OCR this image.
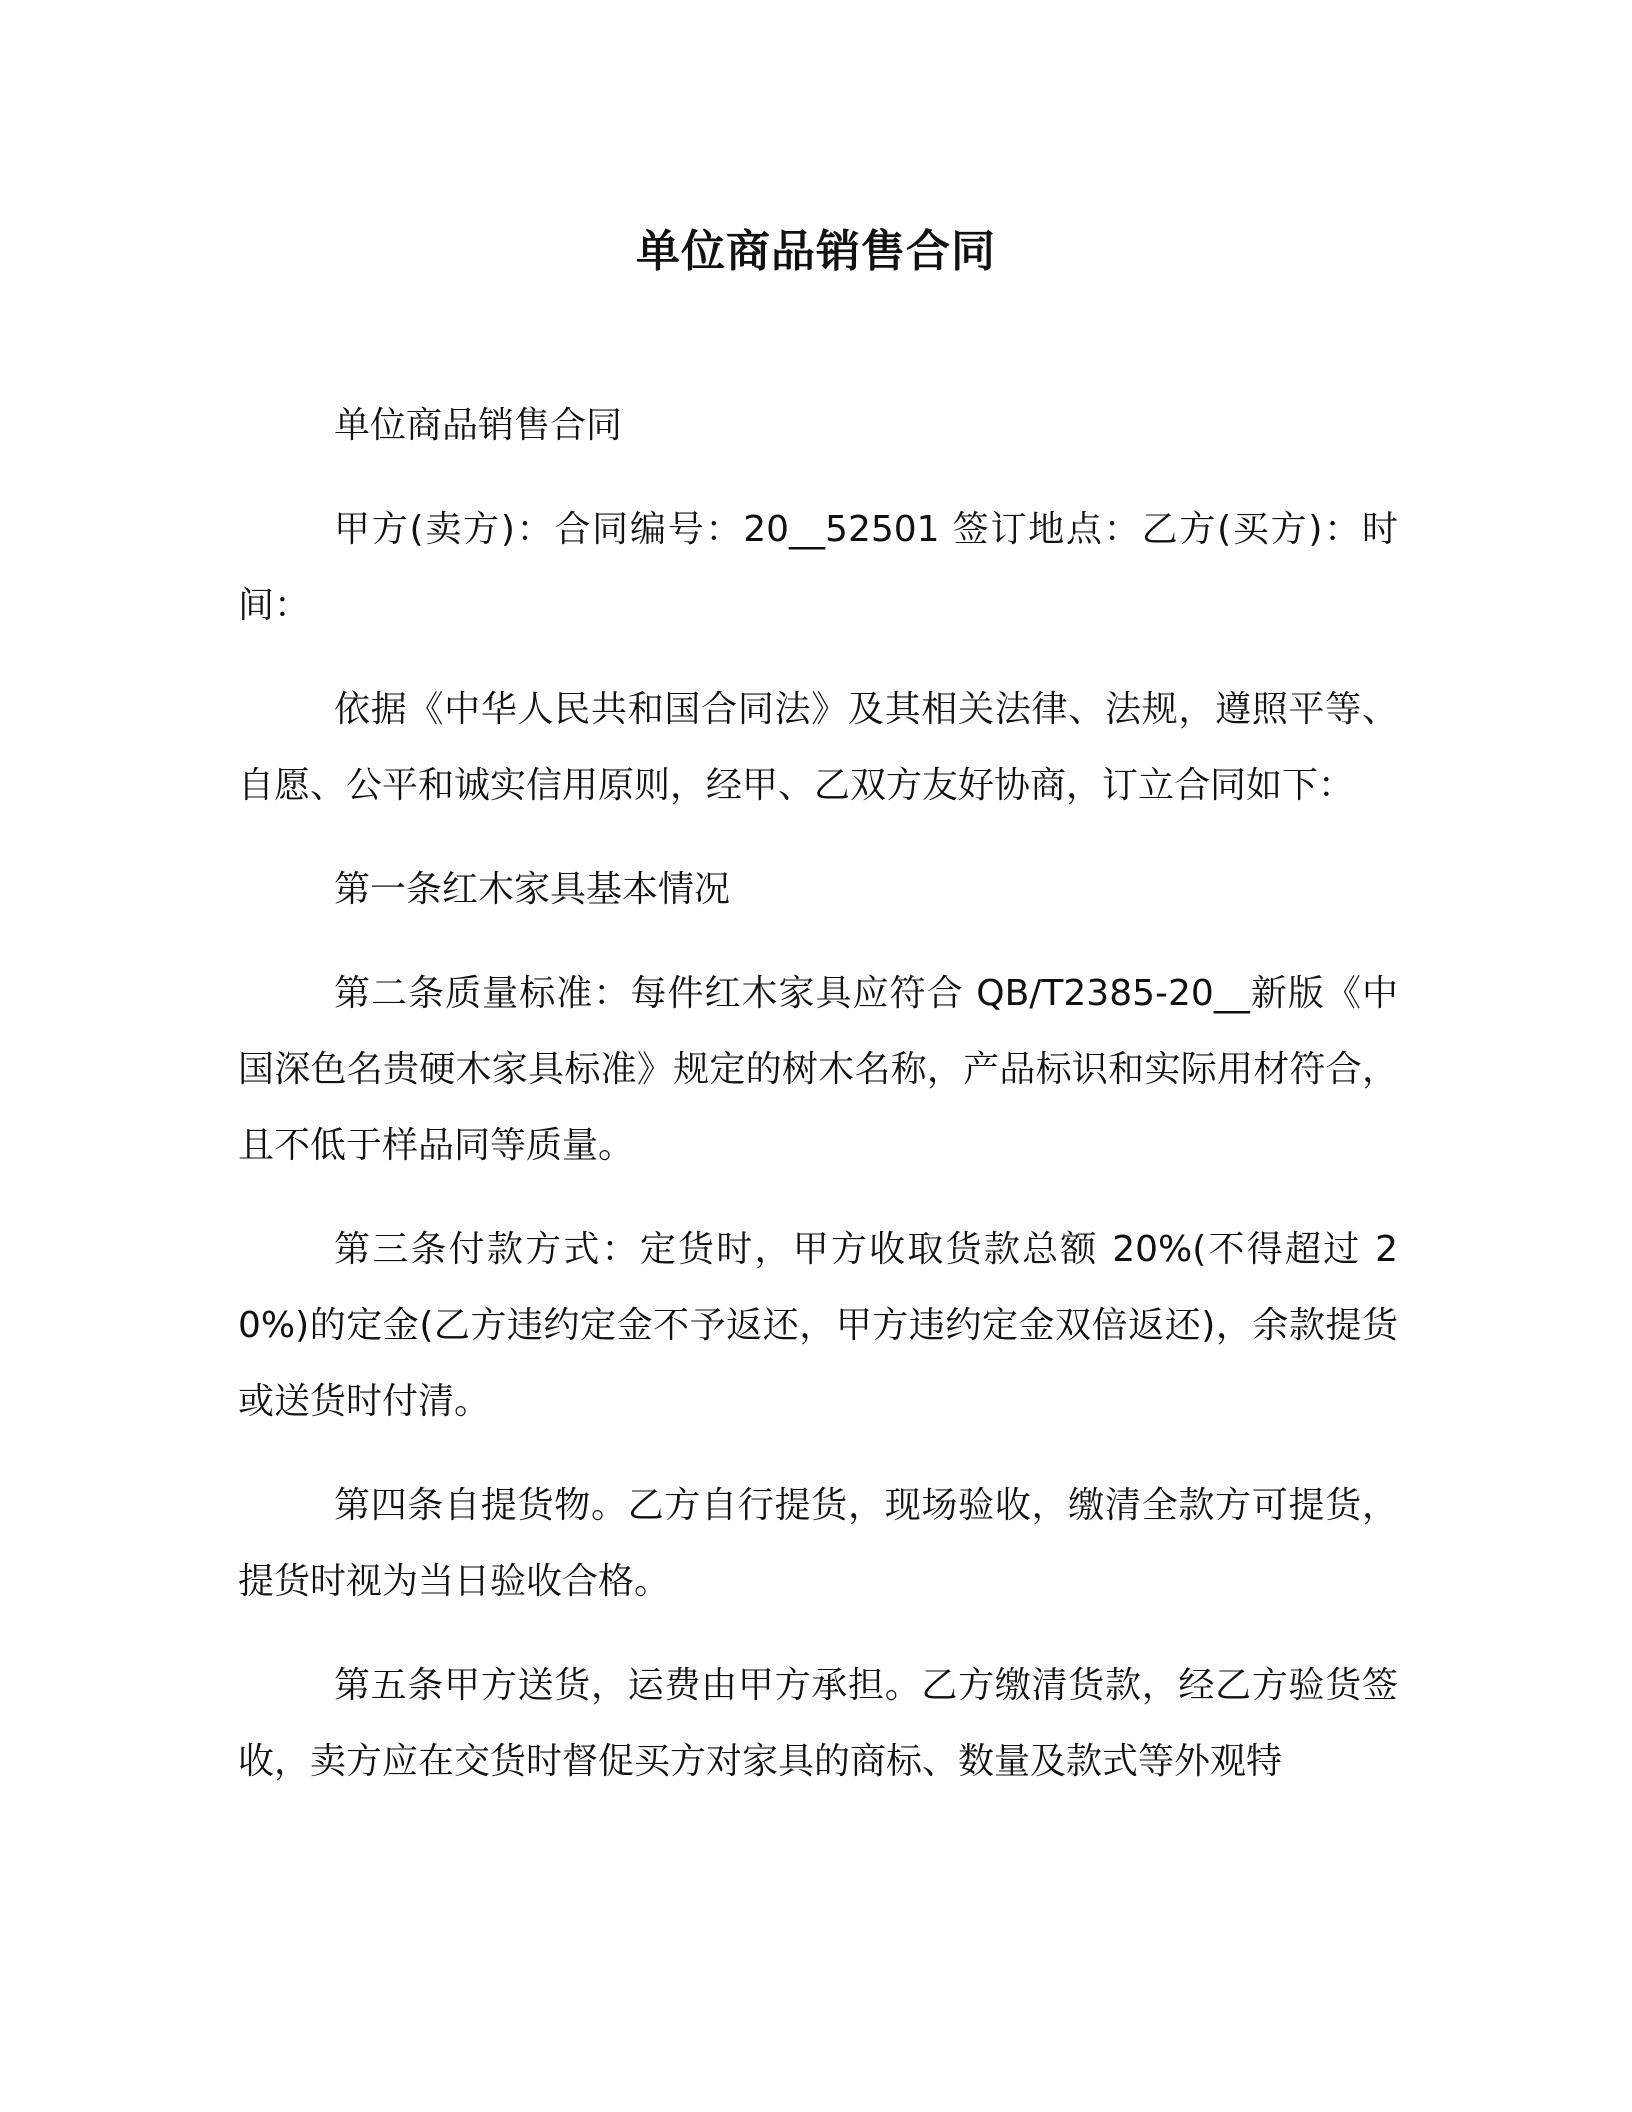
单位商品销售合同

单位商品销售合同

甲方(卖方)：合同编号：20__52501 签订地点：乙方(买方)：时间：

依据《中华人民共和国合同法》及其相关法律、法规，遵照平等、自愿、公平和诚实信用原则，经甲、乙双方友好协商，订立合同如下：

第一条红木家具基本情况

第二条质量标准：每件红木家具应符合 QB/T2385-20__新版《中国深色名贵硬木家具标准》规定的树木名称，产品标识和实际用材符合，且不低于样品同等质量。

第三条付款方式：定货时，甲方收取货款总额 20%(不得超过 20%)的定金(乙方违约定金不予返还，甲方违约定金双倍返还)，余款提货或送货时付清。

第四条自提货物。乙方自行提货，现场验收，缴清全款方可提货，提货时视为当日验收合格。

第五条甲方送货，运费由甲方承担。乙方缴清货款，经乙方验货签收，卖方应在交货时督促买方对家具的商标、数量及款式等外观特
